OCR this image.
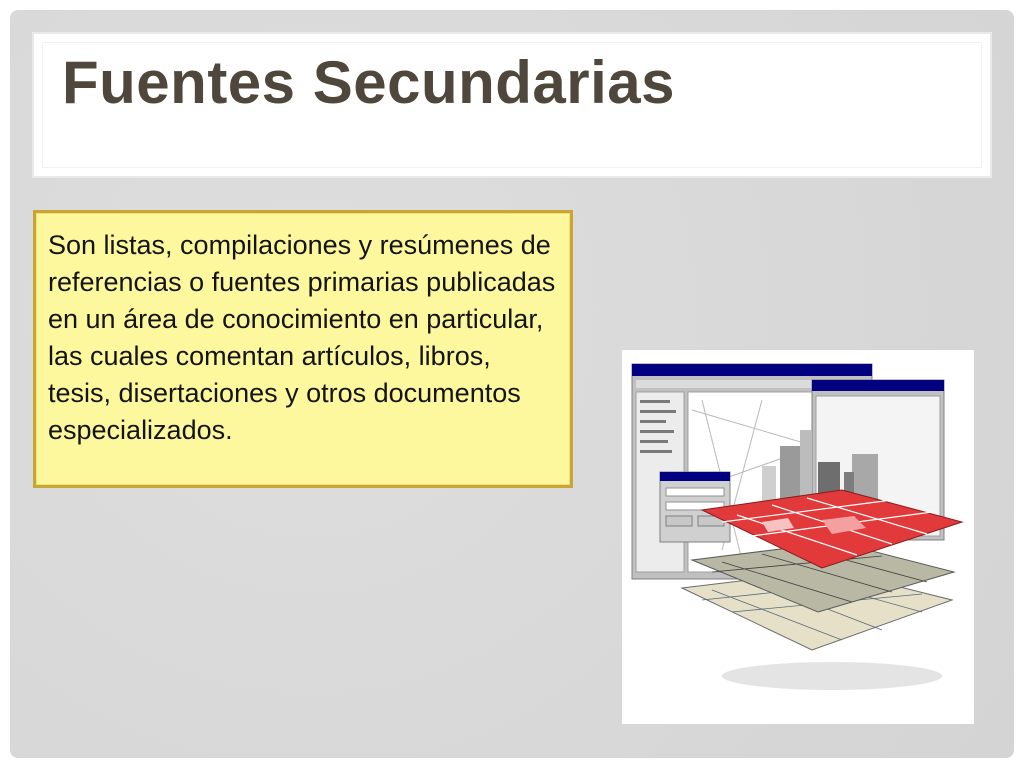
Fuentes Secundarias

Son listas, compilaciones y resúmenes de referencias o fuentes primarias publicadas en un área de conocimiento en particular, las cuales comentan artículos, libros, tesis, disertaciones y otros documentos especializados.
